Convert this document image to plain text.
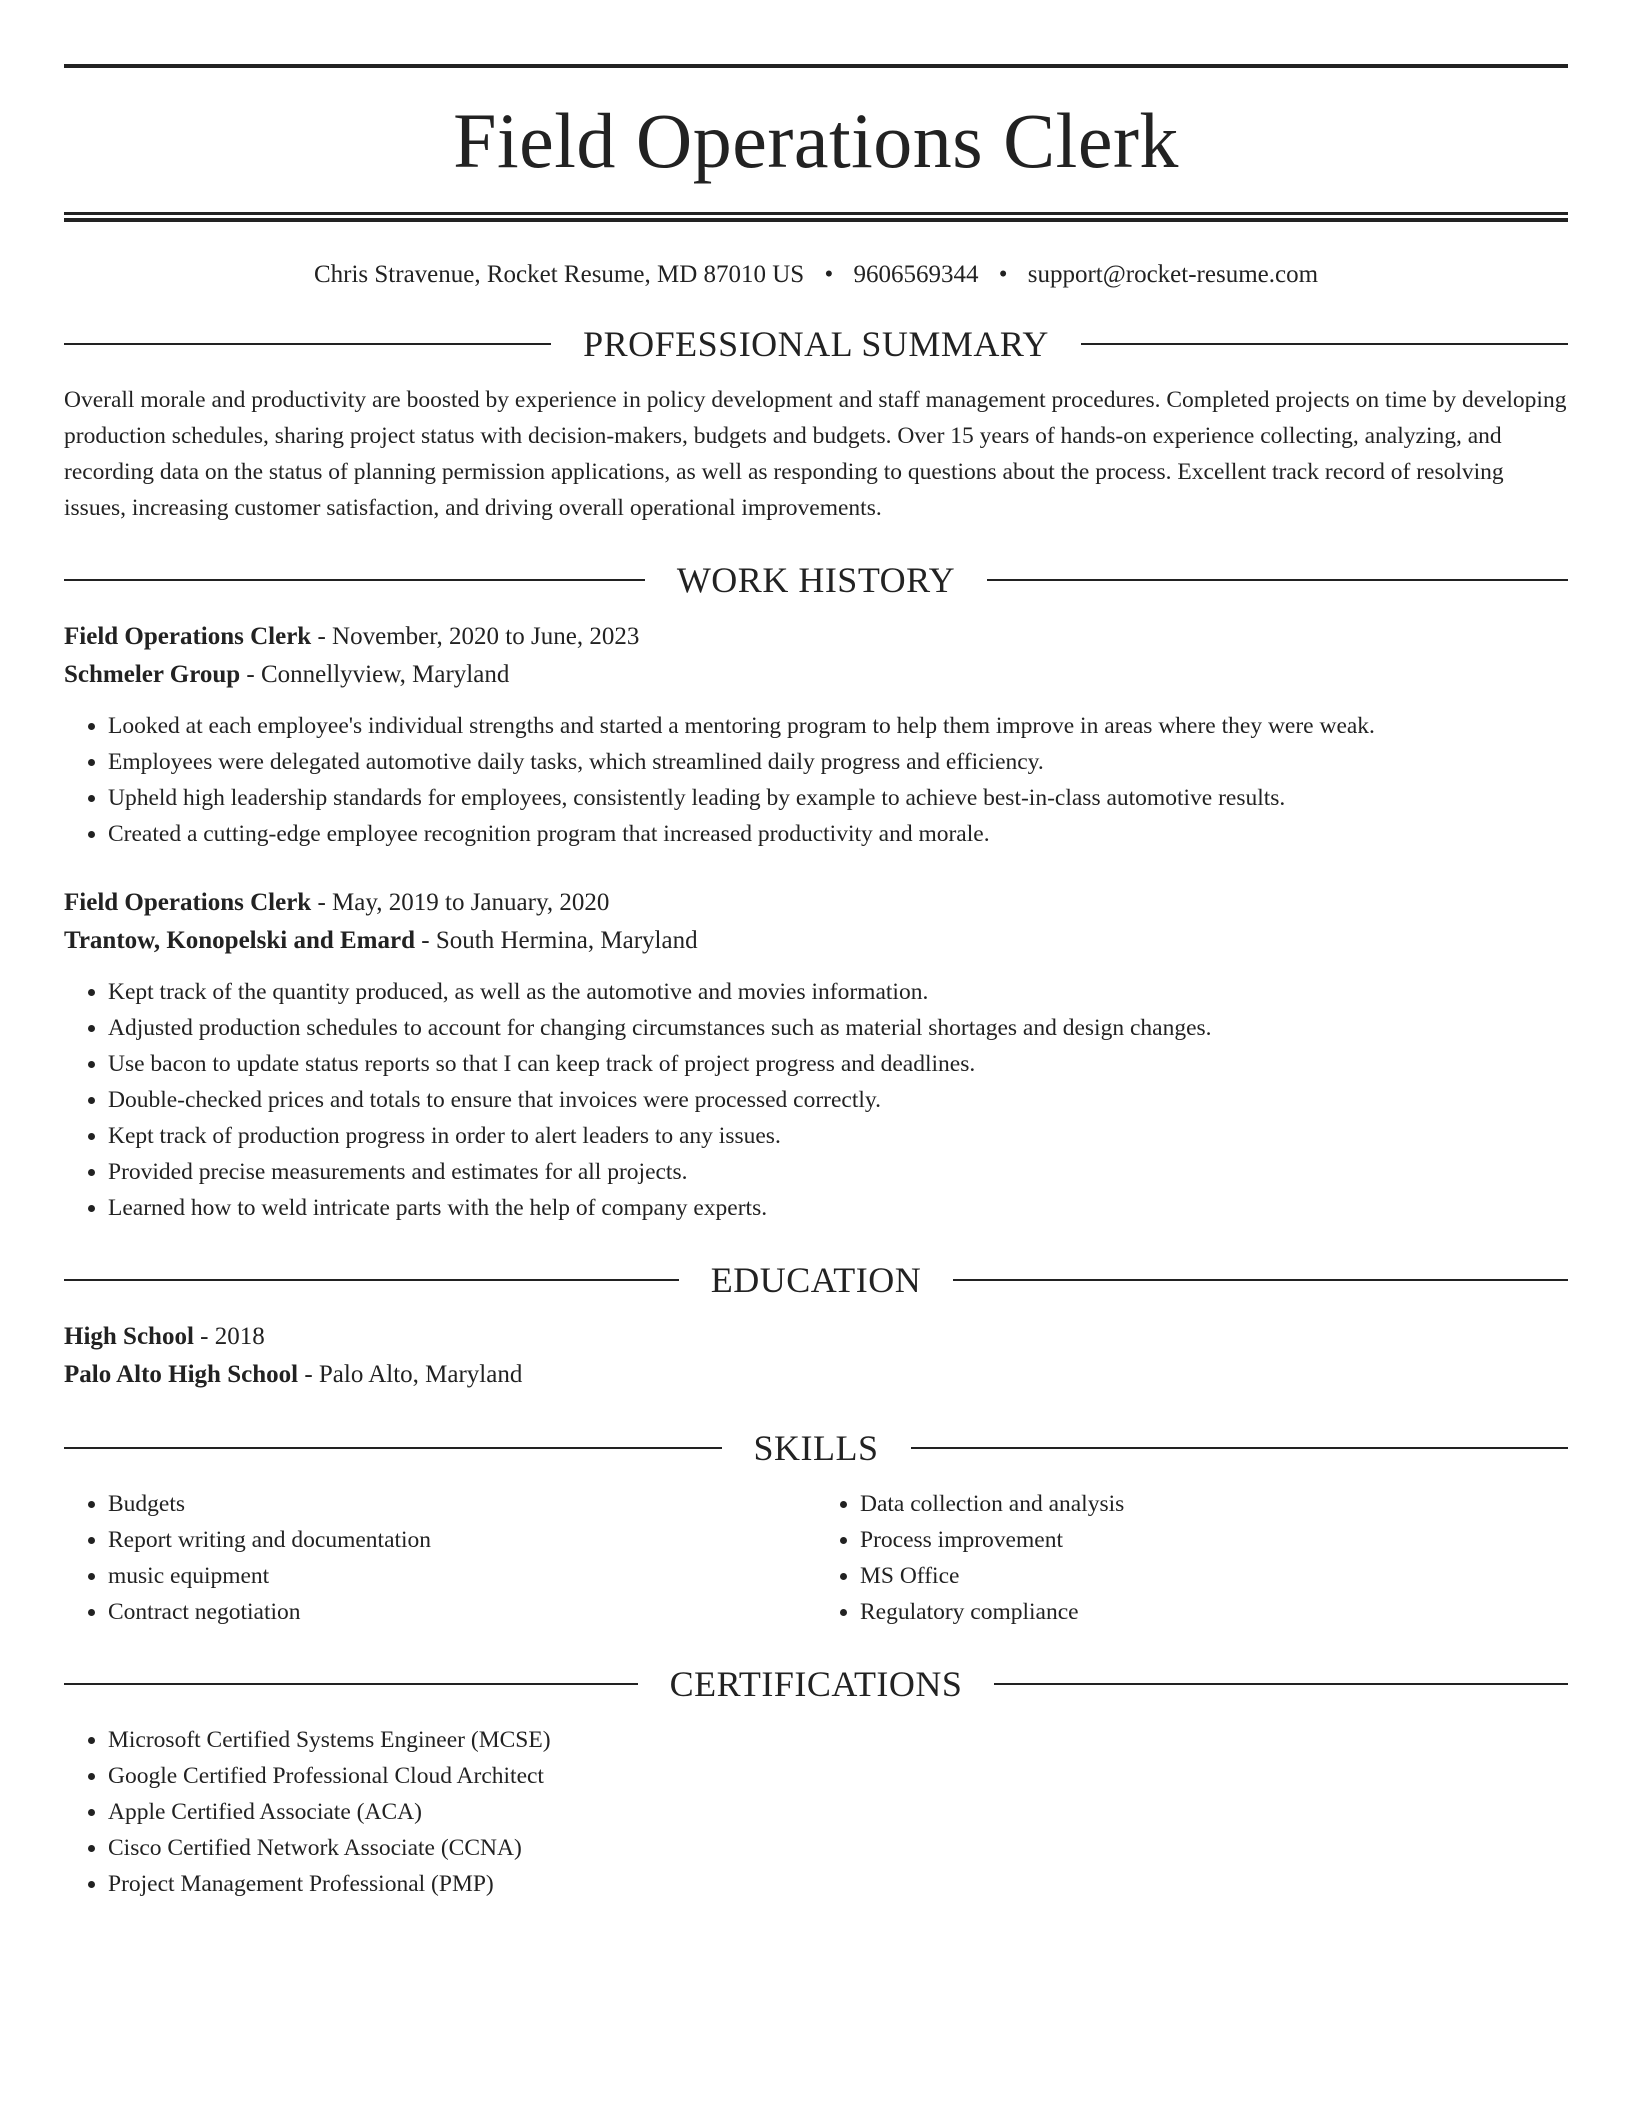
Field Operations Clerk
Chris Stravenue, Rocket Resume, MD 87010 US • 9606569344 • support@rocket-resume.com
PROFESSIONAL SUMMARY

Overall morale and productivity are boosted by experience in policy development and staff management procedures. Completed projects on time by developing production schedules, sharing project status with decision-makers, budgets and budgets. Over 15 years of hands-on experience collecting, analyzing, and recording data on the status of planning permission applications, as well as responding to questions about the process. Excellent track record of resolving issues, increasing customer satisfaction, and driving overall operational improvements.

WORK HISTORY
Field Operations Clerk - November, 2020 to June, 2023
Schmeler Group - Connellyview, Maryland
• Looked at each employee's individual strengths and started a mentoring program to help them improve in areas where they were weak.
• Employees were delegated automotive daily tasks, which streamlined daily progress and efficiency.
• Upheld high leadership standards for employees, consistently leading by example to achieve best-in-class automotive results.
• Created a cutting-edge employee recognition program that increased productivity and morale.
Field Operations Clerk - May, 2019 to January, 2020
Trantow, Konopelski and Emard - South Hermina, Maryland
• Kept track of the quantity produced, as well as the automotive and movies information.
• Adjusted production schedules to account for changing circumstances such as material shortages and design changes.
• Use bacon to update status reports so that I can keep track of project progress and deadlines.
• Double-checked prices and totals to ensure that invoices were processed correctly.
• Kept track of production progress in order to alert leaders to any issues.
• Provided precise measurements and estimates for all projects.
• Learned how to weld intricate parts with the help of company experts.
EDUCATION
High School - 2018
Palo Alto High School - Palo Alto, Maryland
SKILLS
• Budgets
• Report writing and documentation
• music equipment
• Contract negotiation
• Data collection and analysis
• Process improvement
• MS Office
• Regulatory compliance
CERTIFICATIONS
• Microsoft Certified Systems Engineer (MCSE)
• Google Certified Professional Cloud Architect
• Apple Certified Associate (ACA)
• Cisco Certified Network Associate (CCNA)
• Project Management Professional (PMP)
